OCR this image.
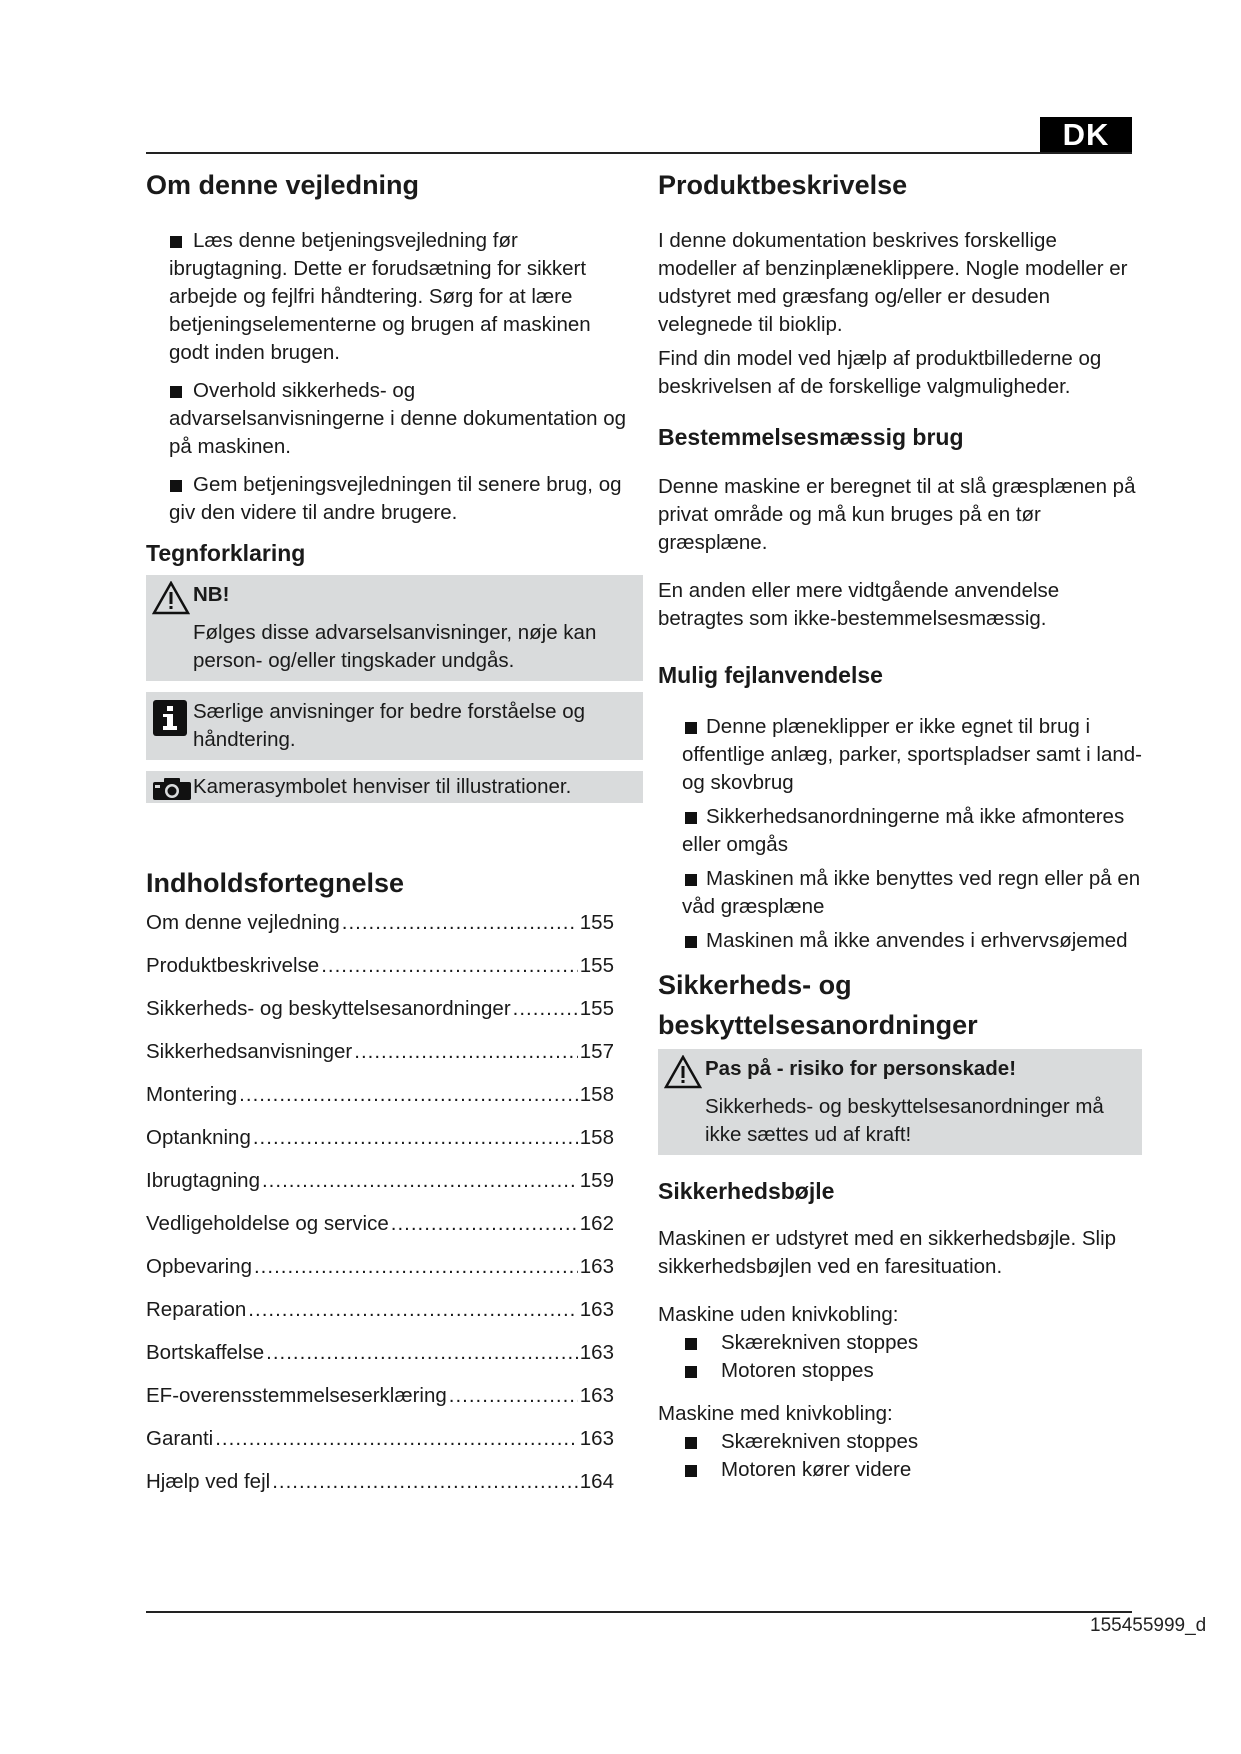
DK
Om denne vejledning
Læs denne betjeningsvejledning før ibrugtagning. Dette er forudsætning for sikkert arbejde og fejlfri håndtering. Sørg for at lære betjeningselementerne og brugen af maskinen godt inden brugen.
Overhold sikkerheds- og advarselsanvisningerne i denne dokumentation og på maskinen.
Gem betjeningsvejledningen til senere brug, og giv den videre til andre brugere.
Tegnforklaring
NB!
Følges disse advarselsanvisninger, nøje kan person- og/eller tingskader undgås.
Særlige anvisninger for bedre forståelse og håndtering.
Kamerasymbolet henviser til illustrationer.
Indholdsfortegnelse
Om denne vejledning .....	155
Produktbeskrivelse .....	155
Sikkerheds- og beskyttelsesanordninger .....	155
Sikkerhedsanvisninger .....	157
Montering .....	158
Optankning .....	158
Ibrugtagning .....	159
Vedligeholdelse og service .....	162
Opbevaring .....	163
Reparation .....	163
Bortskaffelse .....	163
EF-overensstemmelseserklæring .....	163
Garanti .....	163
Hjælp ved fejl .....	164
Produktbeskrivelse

I denne dokumentation beskrives forskellige modeller af benzinplæneklippere. Nogle modeller er udstyret med græsfang og/eller er desuden velegnede til bioklip.

Find din model ved hjælp af produktbillederne og beskrivelsen af de forskellige valgmuligheder.

Bestemmelsesmæssig brug

Denne maskine er beregnet til at slå græsplænen på privat område og må kun bruges på en tør græsplæne.

En anden eller mere vidtgående anvendelse betragtes som ikke-bestemmelsesmæssig.

Mulig fejlanvendelse
Denne plæneklipper er ikke egnet til brug i offentlige anlæg, parker, sportspladser samt i land- og skovbrug
Sikkerhedsanordningerne må ikke afmonteres eller omgås
Maskinen må ikke benyttes ved regn eller på en våd græsplæne
Maskinen må ikke anvendes i erhvervsøjemed
Sikkerheds- og beskyttelsesanordninger
Pas på - risiko for personskade!
Sikkerheds- og beskyttelsesanordninger må ikke sættes ud af kraft!
Sikkerhedsbøjle

Maskinen er udstyret med en sikkerhedsbøjle. Slip sikkerhedsbøjlen ved en faresituation.

Maskine uden knivkobling:

Skærekniven stoppes
Motoren stoppes

Maskine med knivkobling:

Skærekniven stoppes
Motoren kører videre
155455999_d
